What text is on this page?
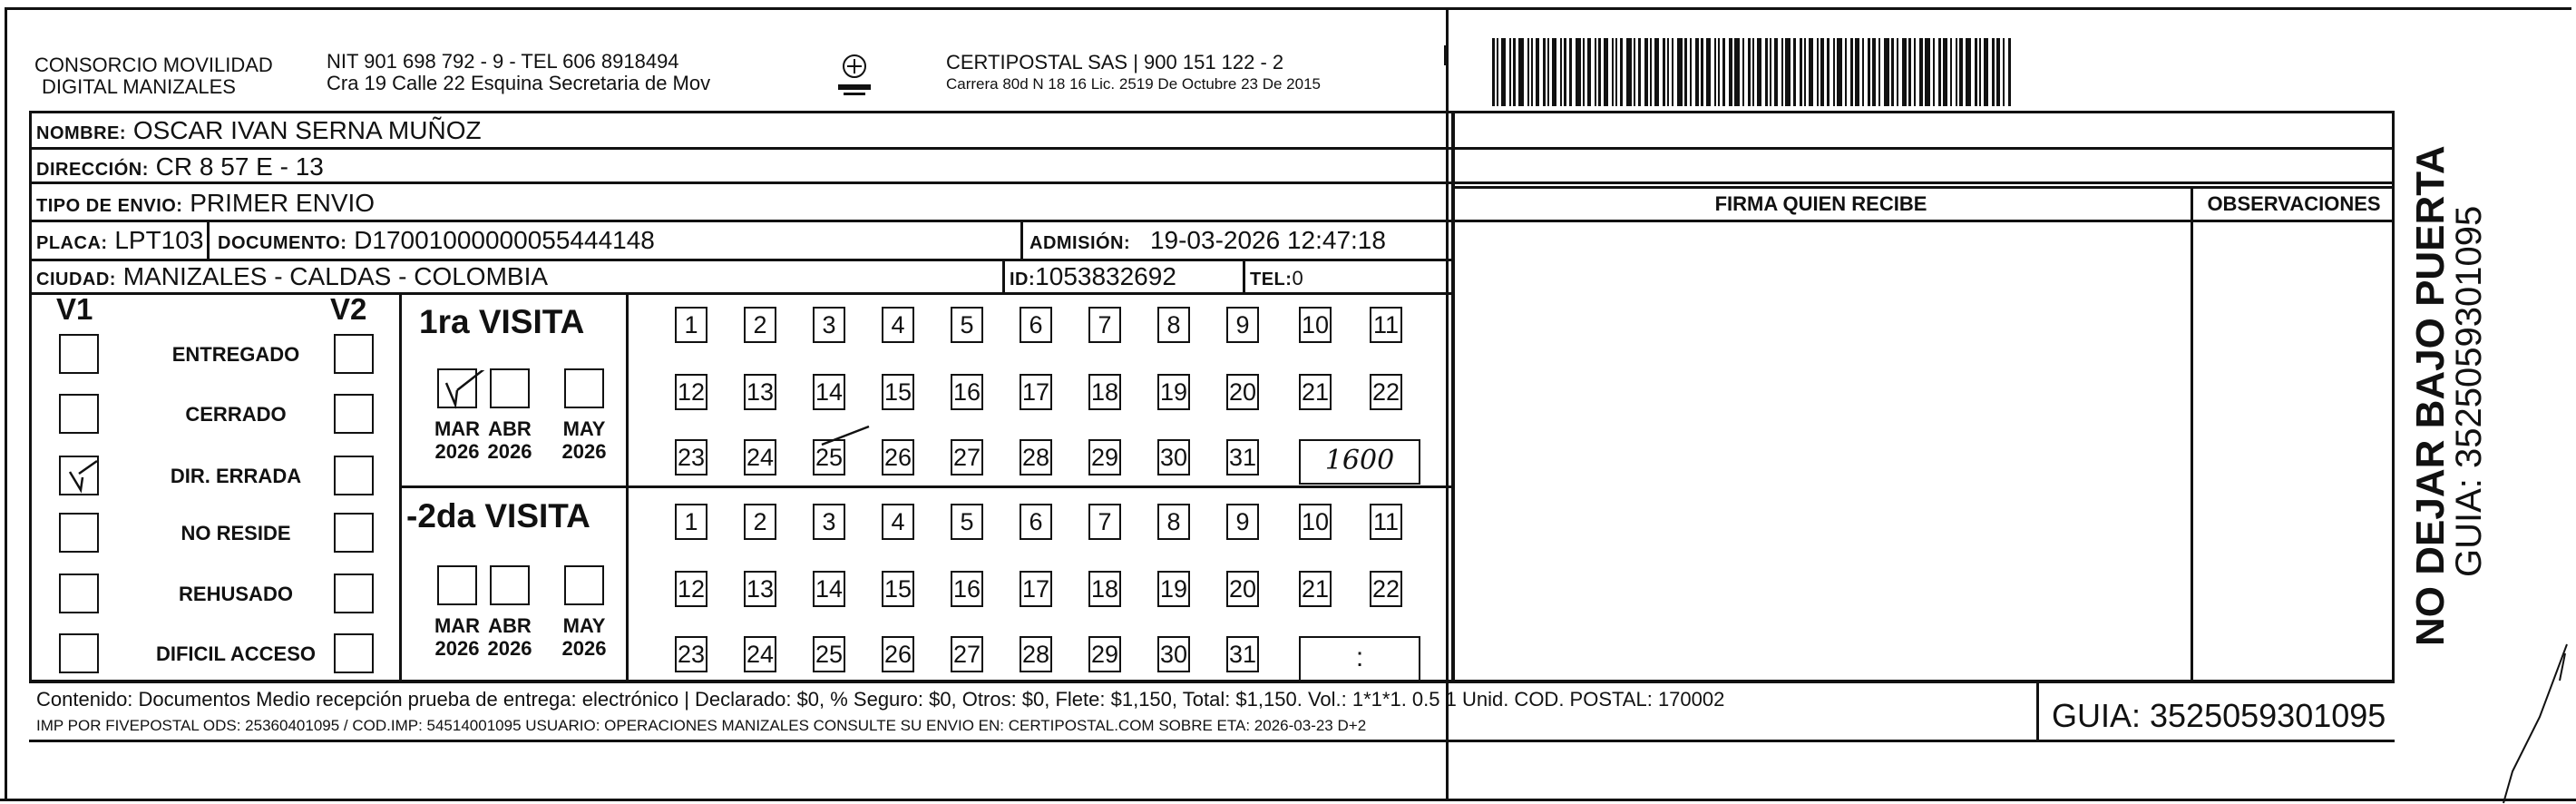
CONSORCIO MOVILIDAD
DIGITAL MANIZALES
NIT 901 698 792 - 9 - TEL 606 8918494
Cra 19 Calle 22 Esquina Secretaria de Mov
CERTIPOSTAL SAS | 900 151 122 - 2
Carrera 80d N 18 16 Lic. 2519 De Octubre 23 De 2015
NOMBRE: OSCAR IVAN SERNA MUÑOZ
DIRECCIÓN: CR 8 57 E - 13
TIPO DE ENVIO: PRIMER ENVIO
PLACA: LPT103 DOCUMENTO: D17001000000055444148	ADMISIÓN: 19-03-2026 12:47:18
CIUDAD: MANIZALES - CALDAS - COLOMBIA	ID:1053832692	TEL:0
FIRMA QUIEN RECIBE	OBSERVACIONES
V1	V2
ENTREGADO
CERRADO
DIR. ERRADA
NO RESIDE
REHUSADO
DIFICIL ACCESO
1ra VISITA
-2da VISITA
MAR
2026
ABR
2026
MAY
2026
1	2	3	4	5	6	7	8	9	10 11
12 13 14 15 16 17 18 19 20 21 22
23 24 25 26 27 28 29 30 31	1600
MAR
2026
ABR
2026
MAY
2026
1	2	3	4	5	6	7	8	9	10 11
12 13 14 15 16 17 18 19 20 21 22
23 24 25 26 27 28 29 30 31	:
Contenido: Documentos Medio recepción prueba de entrega: electrónico | Declarado: $0, % Seguro: $0, Otros: $0, Flete: $1,150, Total: $1,150. Vol.: 1*1*1. 0.5 1 Unid. COD. POSTAL: 170002
IMP POR FIVEPOSTAL ODS: 25360401095 / COD.IMP: 54514001095 USUARIO: OPERACIONES MANIZALES CONSULTE SU ENVIO EN: CERTIPOSTAL.COM SOBRE ETA: 2026-03-23 D+2	GUIA: 3525059301095
NO DEJAR BAJO PUERTA
GUIA: 3525059301095
